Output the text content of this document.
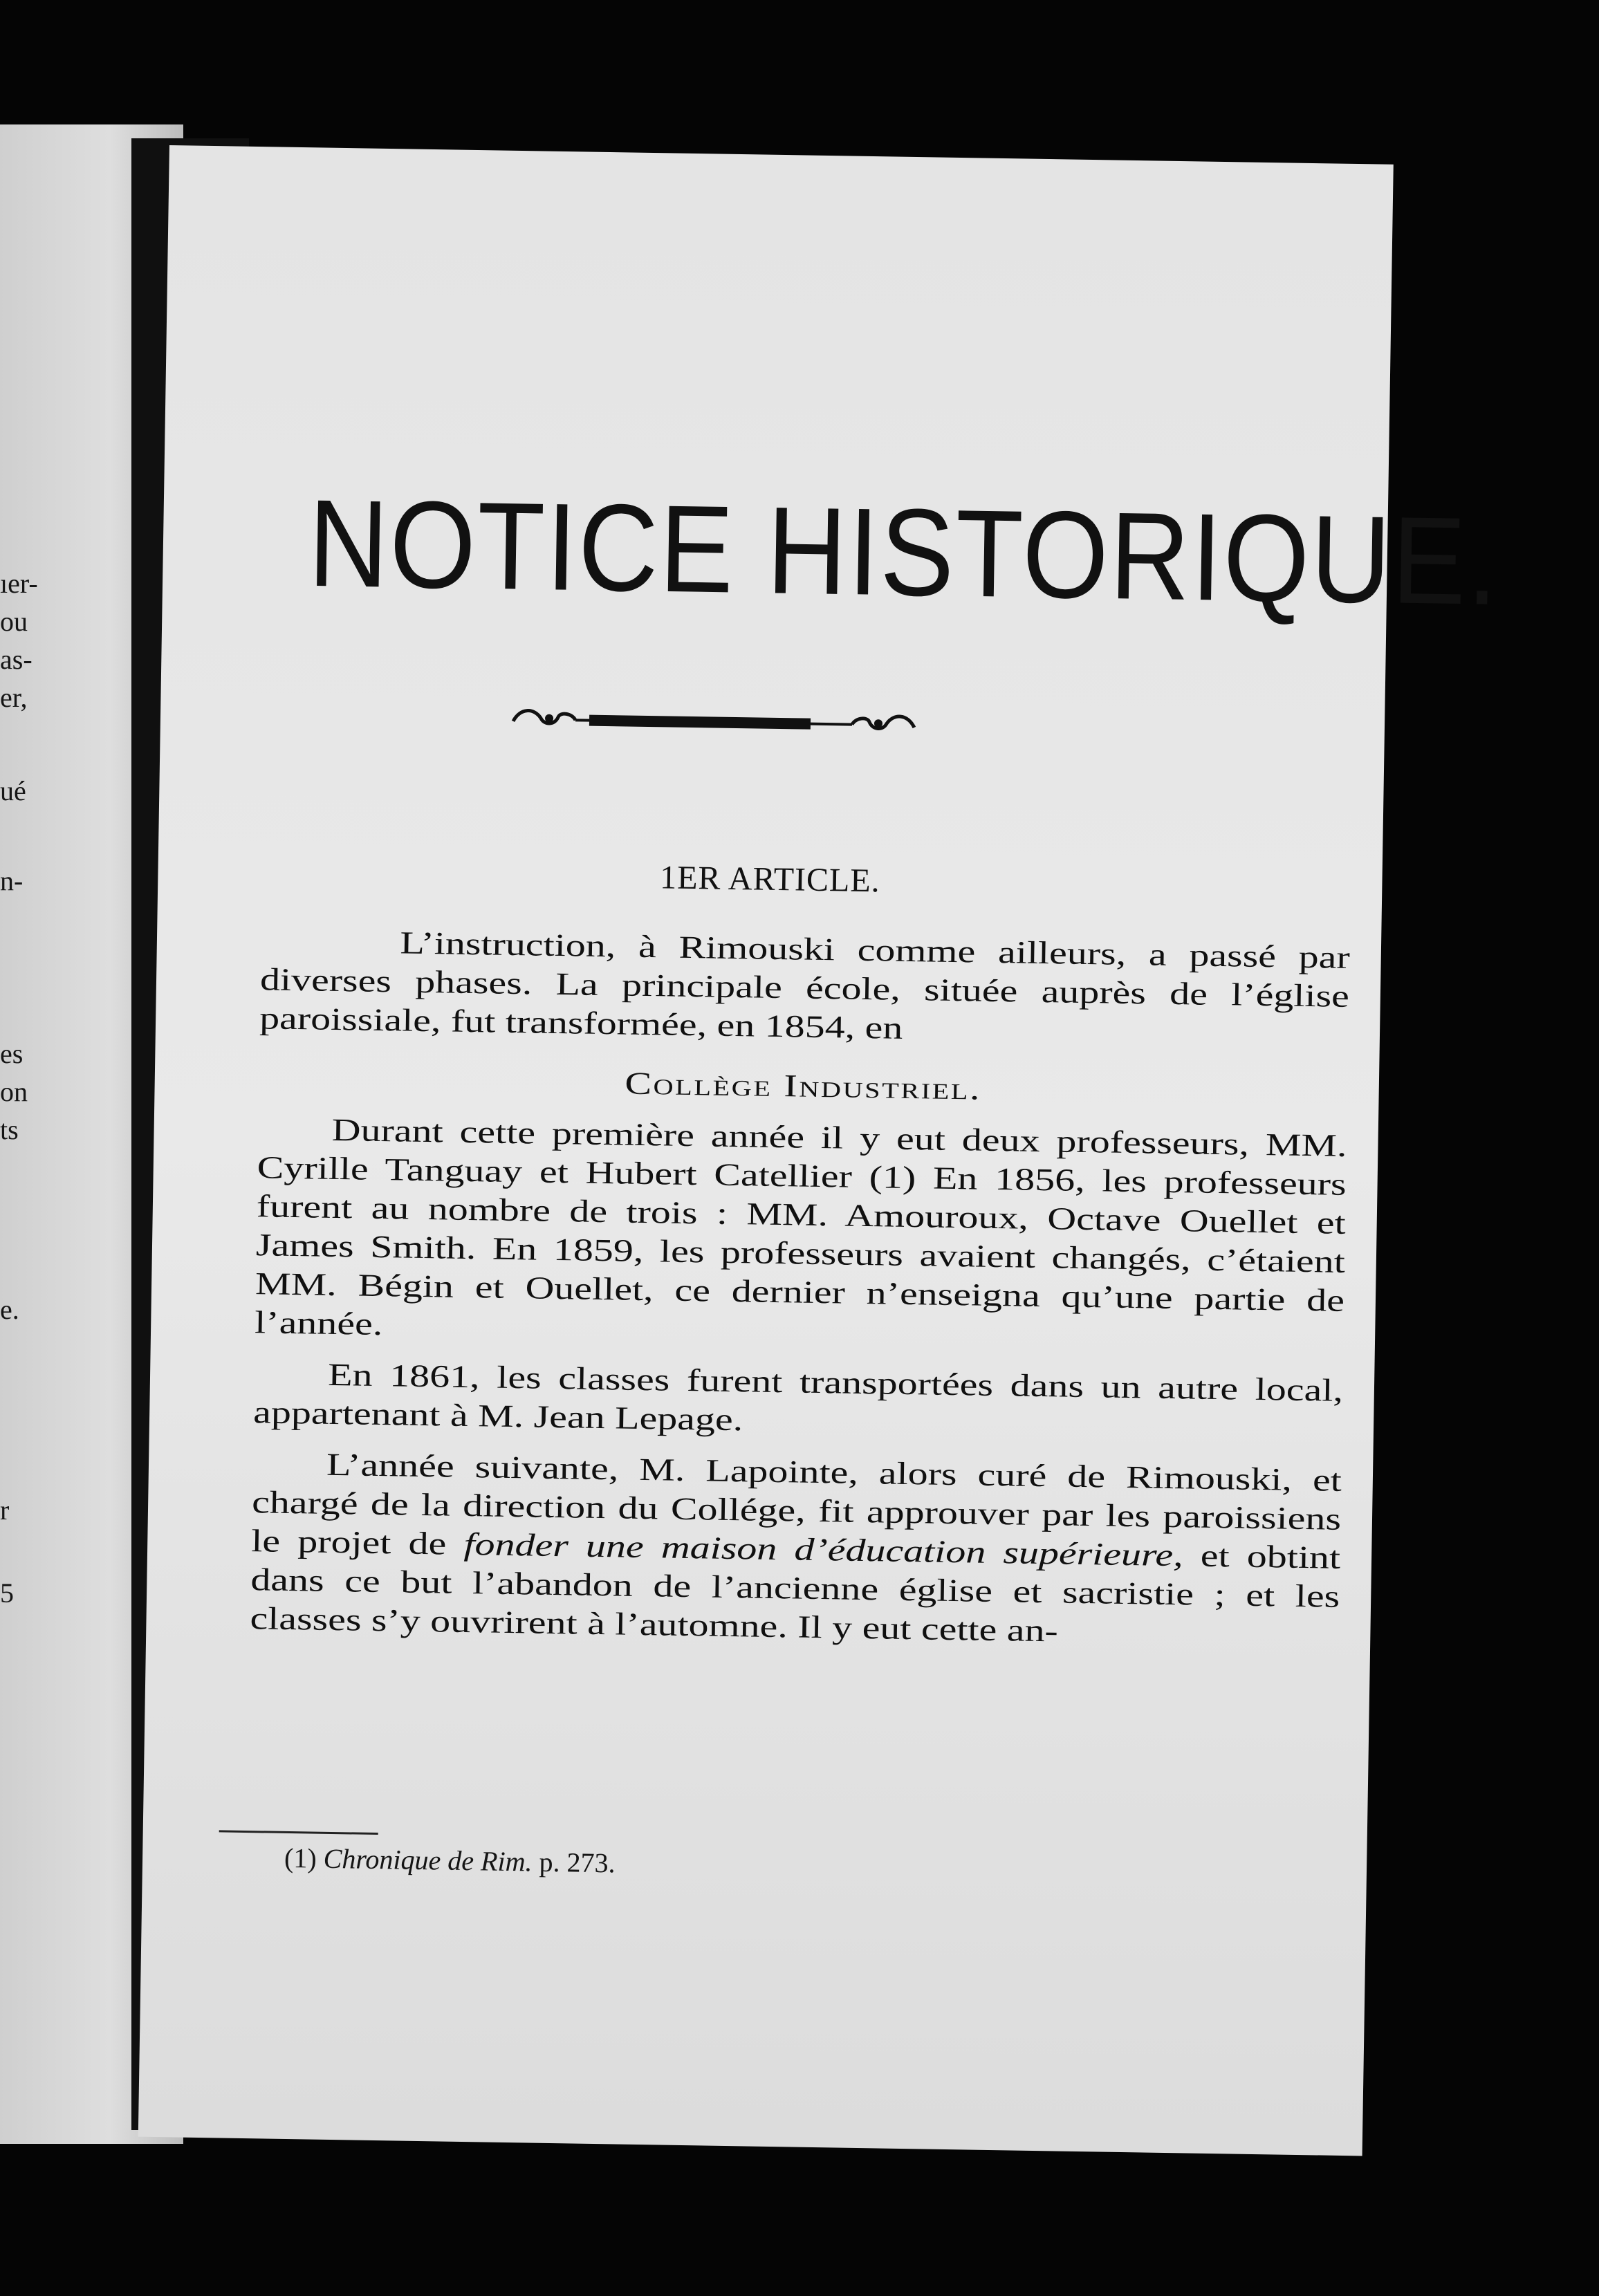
ıer-
ou
as-
er,
ué
n-
es
on
ts
e.
r
5
NOTICE HISTORIQUE.
1ER ARTICLE.

L’instruction, à Rimouski comme ailleurs, a passé par diverses phases. La principale école, située auprès de l’église paroissiale, fut transformée, en 1854, en

Collège Industriel.

Durant cette première année il y eut deux professeurs, MM. Cyrille Tanguay et Hubert Catellier (1) En 1856, les professeurs furent au nombre de trois : MM. Amouroux, Octave Ouellet et James Smith. En 1859, les professeurs avaient changés, c’étaient MM. Bégin et Ouellet, ce dernier n’enseigna qu’une partie de l’année.

En 1861, les classes furent transportées dans un autre local, appartenant à M. Jean Lepage.

L’année suivante, M. Lapointe, alors curé de Rimouski, et chargé de la direction du Collége, fit approuver par les paroissiens le projet de fonder une maison d’éducation supérieure, et obtint dans ce but l’abandon de l’ancienne église et sacristie ; et les classes s’y ouvrirent à l’automne. Il y eut cette an-

(1) Chronique de Rim. p. 273.
